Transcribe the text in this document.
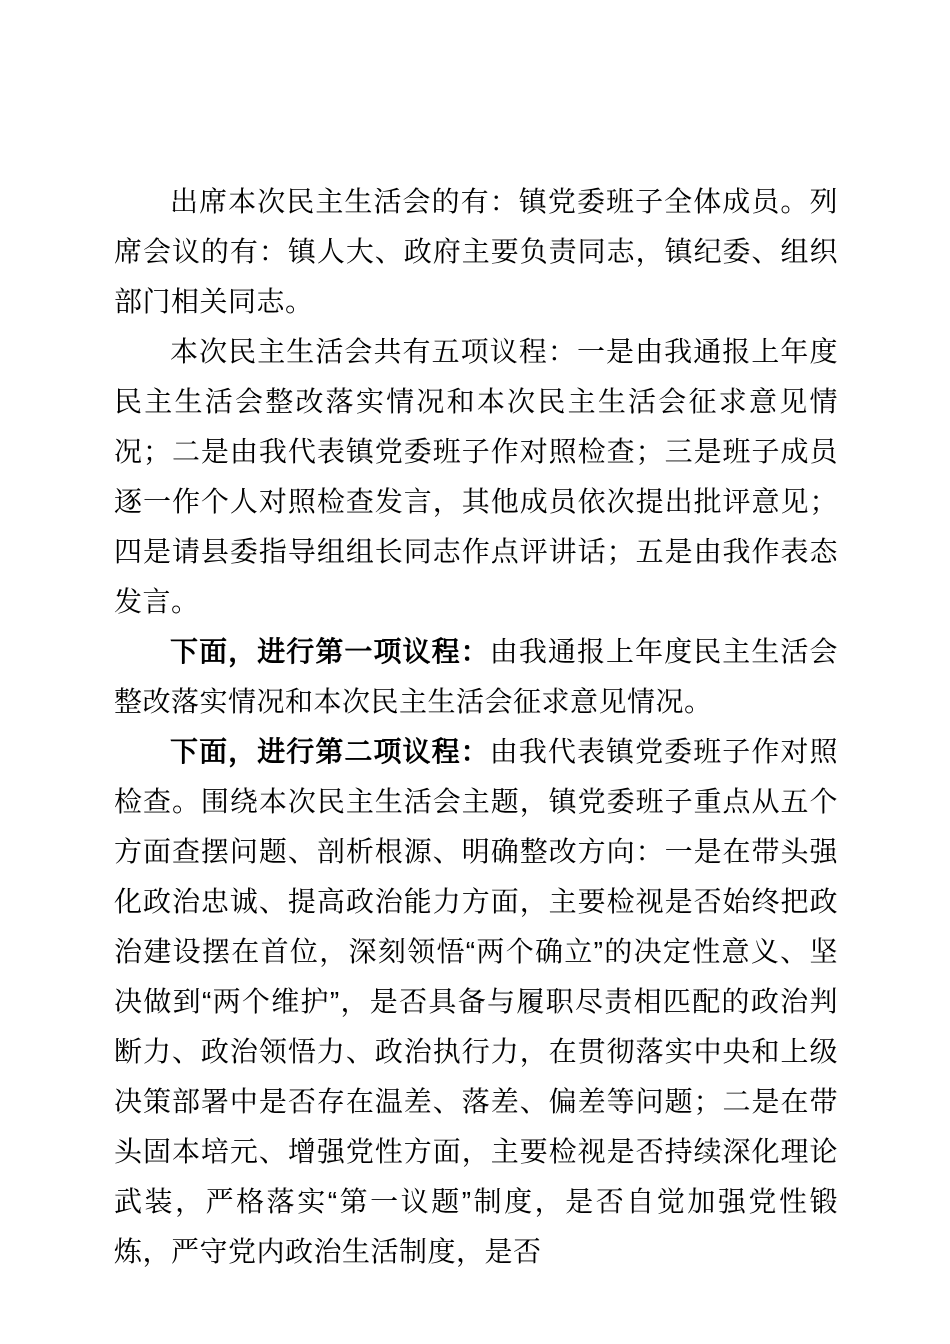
出席本次民主生活会的有：镇党委班子全体成员。列席会议的有：镇人大、政府主要负责同志，镇纪委、组织部门相关同志。

本次民主生活会共有五项议程：一是由我通报上年度民主生活会整改落实情况和本次民主生活会征求意见情况；二是由我代表镇党委班子作对照检查；三是班子成员逐一作个人对照检查发言，其他成员依次提出批评意见；四是请县委指导组组长同志作点评讲话；五是由我作表态发言。

下面，进行第一项议程：由我通报上年度民主生活会整改落实情况和本次民主生活会征求意见情况。

下面，进行第二项议程：由我代表镇党委班子作对照检查。围绕本次民主生活会主题，镇党委班子重点从五个方面查摆问题、剖析根源、明确整改方向：一是在带头强化政治忠诚、提高政治能力方面，主要检视是否始终把政治建设摆在首位，深刻领悟“两个确立”的决定性意义、坚决做到“两个维护”，是否具备与履职尽责相匹配的政治判断力、政治领悟力、政治执行力，在贯彻落实中央和上级决策部署中是否存在温差、落差、偏差等问题；二是在带头固本培元、增强党性方面，主要检视是否持续深化理论武装，严格落实“第一议题”制度，是否自觉加强党性锻炼，严守党内政治生活制度，是否
